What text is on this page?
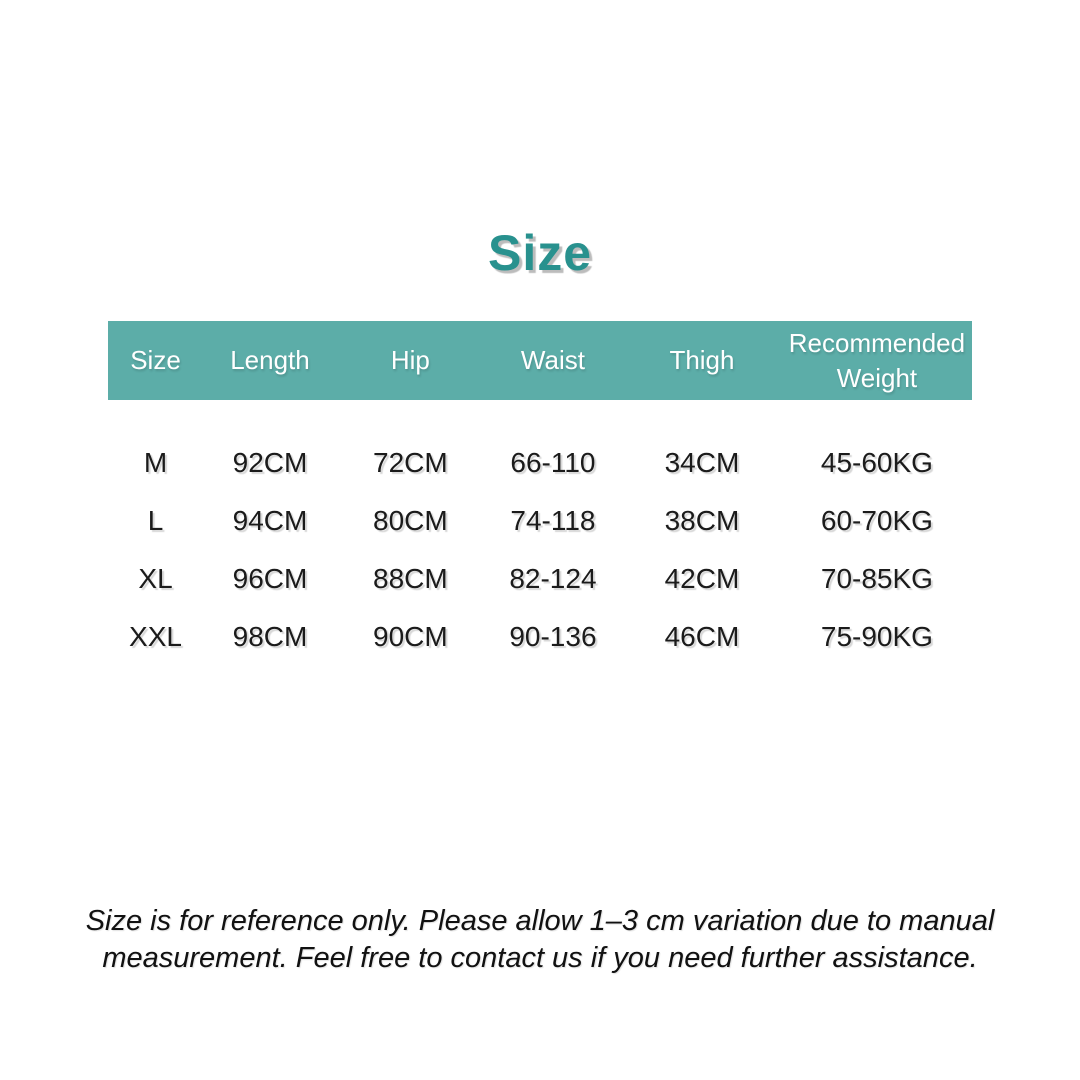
Size
Size	Length	Hip	Waist	Thigh	Recommended Weight
M	92CM	72CM	66-110	34CM	45-60KG
L	94CM	80CM	74-118	38CM	60-70KG
XL	96CM	88CM	82-124	42CM	70-85KG
XXL	98CM	90CM	90-136	46CM	75-90KG
Size is for reference only. Please allow 1–3 cm variation due to manual
measurement. Feel free to contact us if you need further assistance.
